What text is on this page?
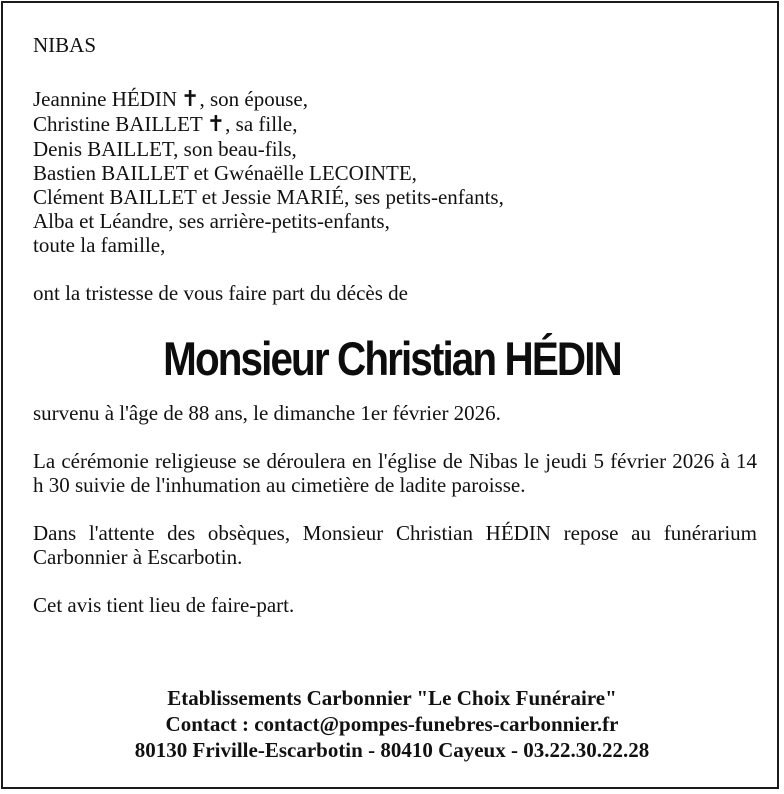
NIBAS

Jeannine HÉDIN ✝, son épouse,
Christine BAILLET ✝, sa fille,
Denis BAILLET, son beau-fils,
Bastien BAILLET et Gwénaëlle LECOINTE,
Clément BAILLET et Jessie MARIÉ, ses petits-enfants,
Alba et Léandre, ses arrière-petits-enfants,
toute la famille,

ont la tristesse de vous faire part du décès de

Monsieur Christian HÉDIN

survenu à l'âge de 88 ans, le dimanche 1er février 2026.

La cérémonie religieuse se déroulera en l'église de Nibas le jeudi 5 février 2026 à 14 h 30 suivie de l'inhumation au cimetière de ladite paroisse.

Dans l'attente des obsèques, Monsieur Christian HÉDIN repose au funérarium Carbonnier à Escarbotin.

Cet avis tient lieu de faire-part.

Etablissements Carbonnier "Le Choix Funéraire"
Contact : contact@pompes-funebres-carbonnier.fr
80130 Friville-Escarbotin - 80410 Cayeux - 03.22.30.22.28
